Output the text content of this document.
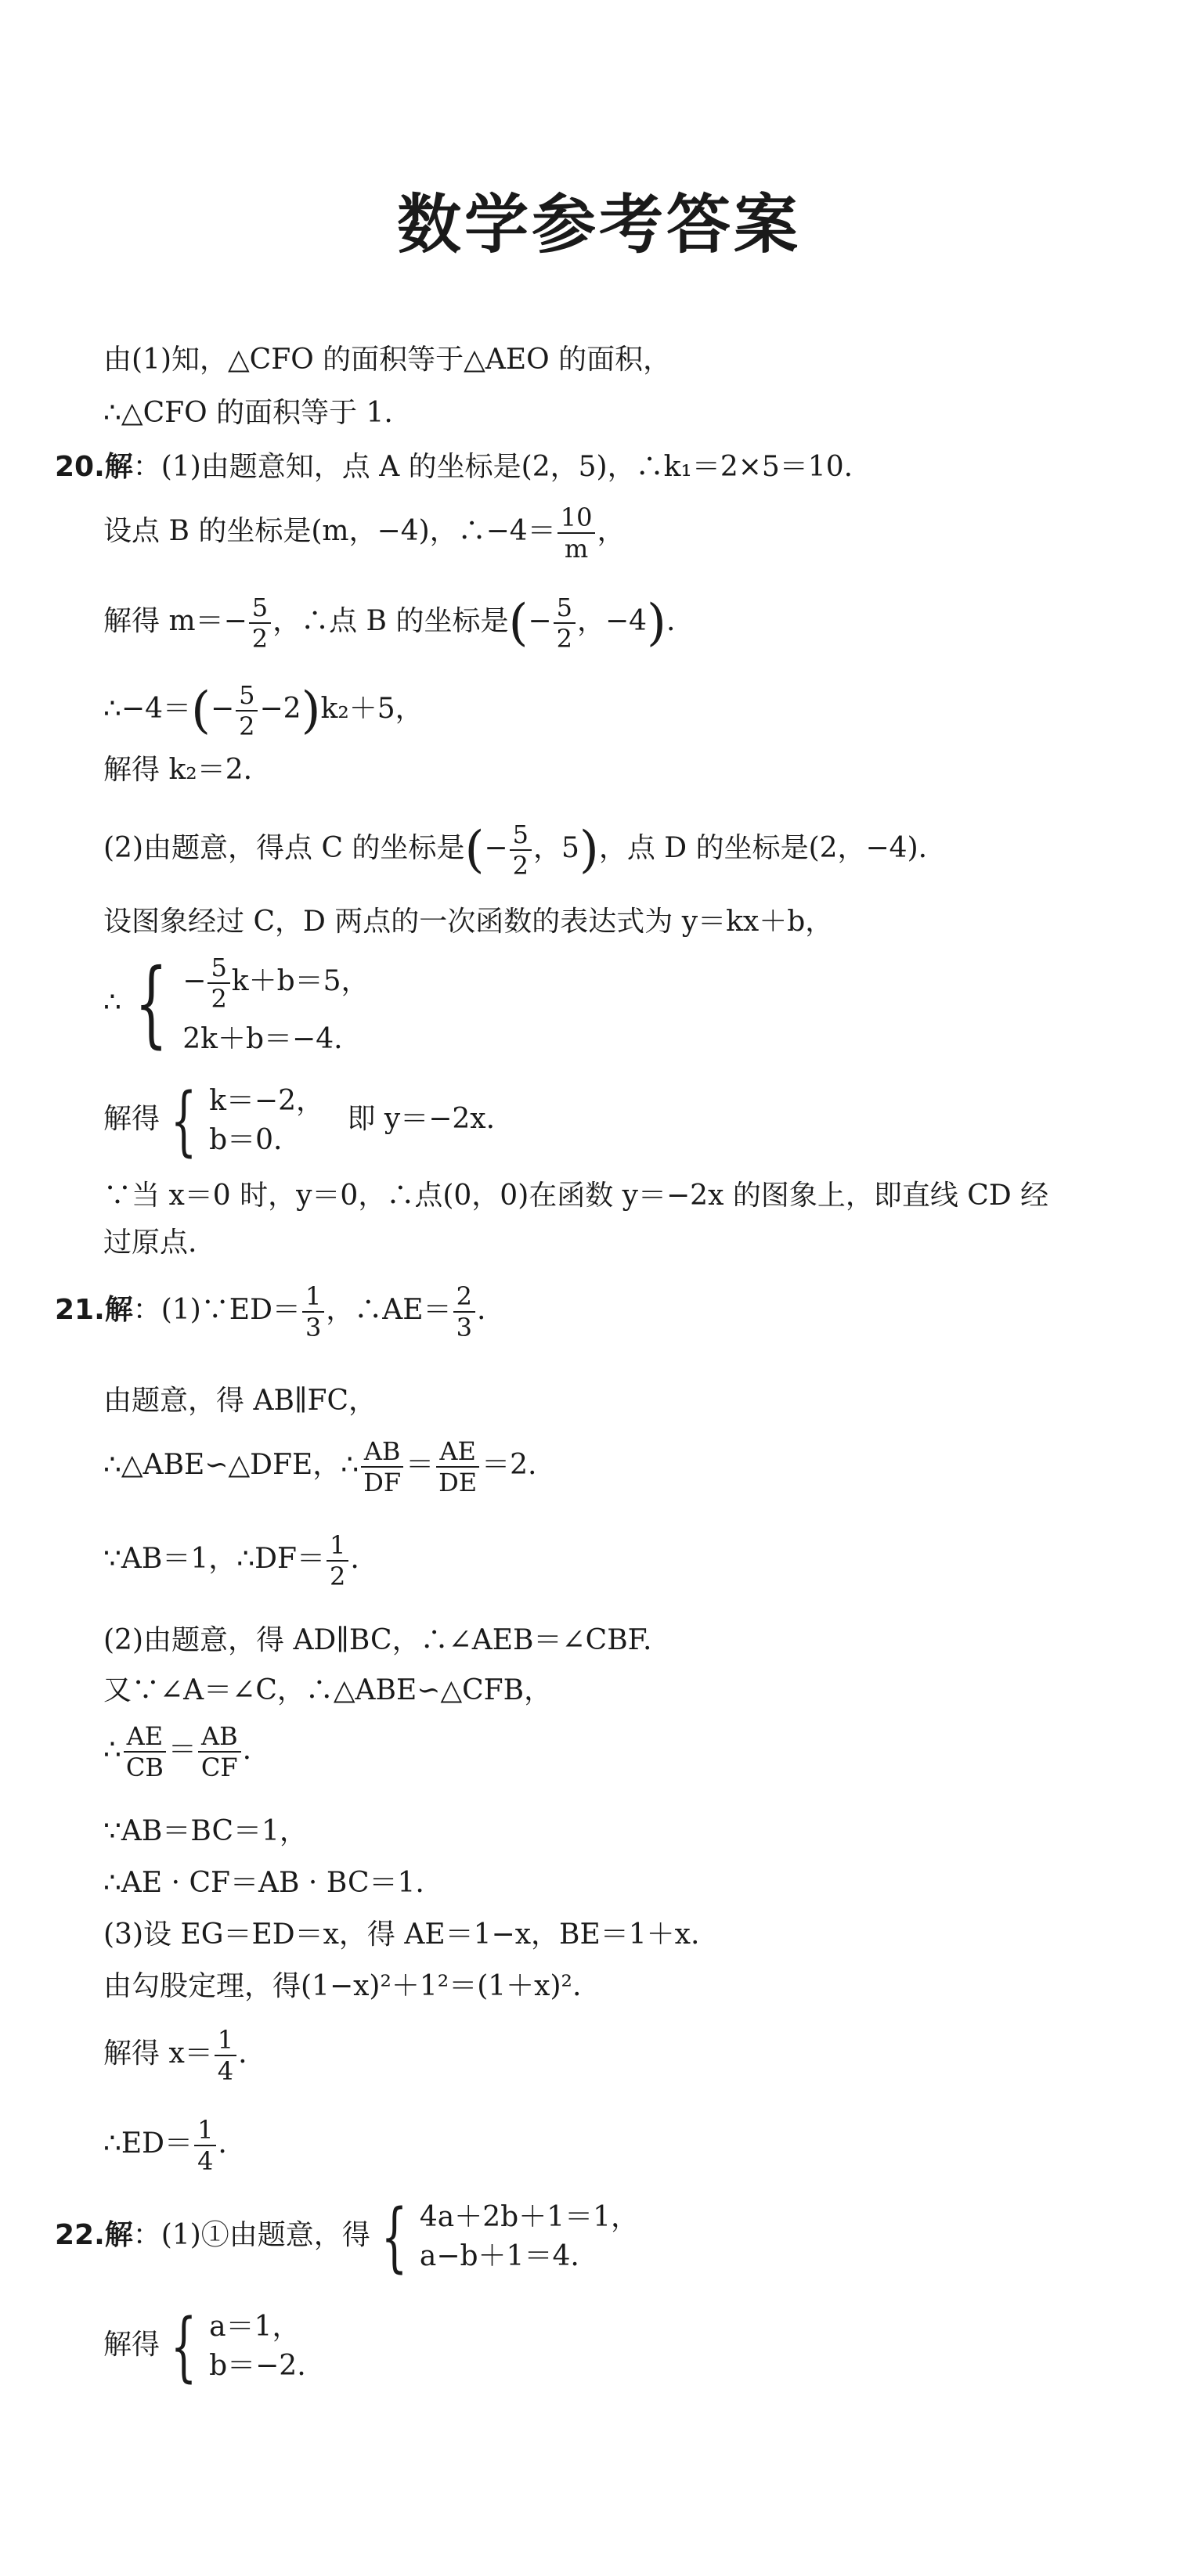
数学参考答案
由(1)知，△CFO 的面积等于△AEO 的面积，
∴△CFO 的面积等于 1.
20.解：(1)由题意知，点 A 的坐标是(2，5)，∴k₁＝2×5＝10.
设点 B 的坐标是(m，−4)，∴−4＝ $\frac{10}{m}$ ，
解得 $m=- \frac{5}{2}$ ，∴点 B 的坐标是(− $\frac{5}{2}$ ，−4).
∴−4＝(− $\frac{5}{2} -2)k_2+5$，
解得 k₂＝2.
(2)由题意，得点 C 的坐标是(− $\frac{5}{2}$ ，5)，点 D 的坐标是(2，−4).
设图象经过 C，D 两点的一次函数的表达式为 y＝kx＋b，
∴ { − $\frac{5}{2} k+b=5$，
2k＋b＝−4.
解得 { k＝−2，
b＝0.
即 y＝−2x.
∵当 x＝0 时，y＝0，∴点(0，0)在函数 y＝−2x 的图象上，即直线 CD 经
过原点.
21.解：(1)∵ED＝ $\frac{1}{3}$ ，∴AE＝ $\frac{2}{3}$ .
由题意，得 AB∥FC，
∴△ABE∽△DFE，∴ $\frac{AB}{DF} = \frac{AE}{DE} =2$.
∵AB＝1，∴DF＝ $\frac{1}{2}$ .
(2)由题意，得 AD∥BC，∴∠AEB＝∠CBF.
又∵∠A＝∠C，∴△ABE∽△CFB，
∴ $\frac{AE}{CB} = \frac{AB}{CF}$ .
∵AB＝BC＝1，
∴AE · CF＝AB · BC＝1.
(3)设 EG＝ED＝x，得 AE＝1−x，BE＝1＋x.
由勾股定理，得(1−x)²＋1²＝(1＋x)².
解得 $x= \frac{1}{4}$ .
∴ED＝ $\frac{1}{4}$ .
22.解：(1)①由题意，得 { 4a＋2b＋1＝1，
a−b＋1＝4.
解得 { a＝1，
b＝−2.
